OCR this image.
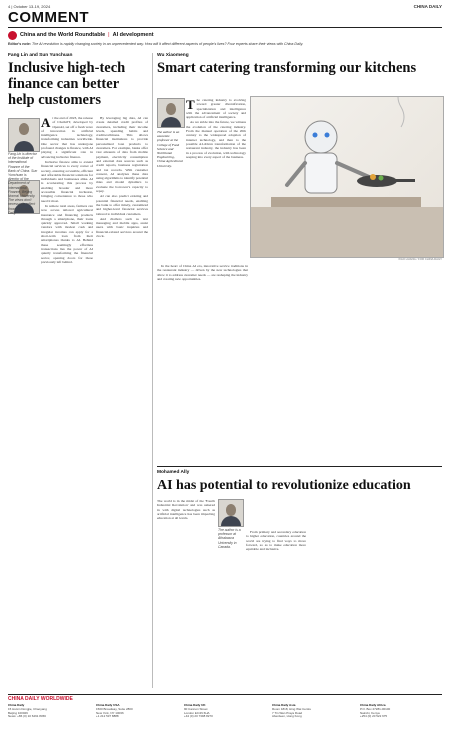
4 | October 13-19, 2024	CHINA DAILY
COMMENT
China and the World Roundtable | AI development
Editor's note: The AI revolution is rapidly changing society in an unprecedented way. How will it affect different aspects of people's lives? Four experts share their views with China Daily.
Fang Lin and Sun Yunchuan
Inclusive high-tech finance can better help customers
Fang Lin is director of the Institute of International Finance of the Bank of China. Sun Yunchuan is director of the Department of International Finance, Beijing Normal University. The views don't necessarily reflect those of China Daily.

At the end of 2023, the release of ChatGPT, developed by OpenAI, set off a fresh wave of innovation in artificial intelligence technology, transforming industries worldwide. One sector that has undergone profound changes is finance, with AI playing a significant role in advancing inclusive finance.

Inclusive finance aims to extend financial services to every corner of society, ensuring accessible, efficient and affordable financial solutions for individuals and businesses alike. AI is accelerating this process by enabling broader and more accessible financial inclusion, bringing convenience to those who need it most.

In remote rural areas, farmers can now access tailored agricultural insurance and financing products through a smartphone, their loans quickly approved. Small working vendors with modest cash and irregular incomes can apply for a short-term loan from their smartphones thanks to AI. Behind these seemingly effortless transactions lies the power of AI quietly transforming the financial sector, opening doors for those previously left behind.

By leveraging big data, AI can create detailed credit profiles of customers, including their income levels, spending habits and creditworthiness. This allows financial institutions to provide personalized loan products to customers. For example, banks offer vast amounts of data from mobile payment, electricity consumption and external data sources such as credit reports, business registration and tax records. With customer consent, AI analyzes these data using algorithms to identify potential risks and model dynamics to evaluate the borrower's capacity to repay.

AI can also predict existing and potential financial needs, enabling the bank to offer timely, customized and higher-level financial services tailored to individual customers.

And chatbots such as text messaging and mobile apps, assist users with basic inquiries and financial-related services around the clock.

Wu Xiaomeng
Smart catering transforming our kitchens
The author is an associate professor at the College of Food Science and Nutritional Engineering, China Agricultural University.

The catering industry is evolving toward greater diversification, specialization and intelligence with the advancement of society and application of artificial intelligence.

As we stride into the future, we witness the evolution of the catering industry. From the manual operation of the 20th century to the widespread adoption of internet technology, and then to the possible AI-driven transformation of the restaurant industry, the industry has been in a process of evolution, with technology seeping into every aspect of the business.

XIAO HUANG / FOR CHINA DAILY

In the heart of China AI era, innovative service traditions in the restaurant industry — driven by the new technologies that allow it to address customer needs — are reshaping the industry and creating new opportunities.

Mohamed Ally
AI has potential to revolutionize education

The world is in the midst of the 'Fourth Industrial Revolution' and was ushered in with digital technologies such as artificial intelligence has been impacting education at all levels.

The author is a professor at Athabasca University in Canada.

From primary and secondary education to higher education, countries around the world are trying to find ways to move forward, so as to make education more equitable and inclusive.

CHINA DAILY WORLDWIDE
China Daily
15 Huixin Dongjie, Chaoyang
Beijing 100029
News: +86 (0) 10 6491 8366
China Daily USA
1500 Broadway, Suite 2800
New York, NY 10036
+1 212 537 8888
China Daily UK
90 Cannon Street
London EC4N 6HA
+44 (0) 20 7398 8270
China Daily Asia
Room 1818, Hing Wai Centre
7 Tin Wan Praya Road
Aberdeen, Hong Kong
China Daily Africa
P.O. Box 27281-00100
Nairobi, Kenya
+254 (0) 20 522 675
